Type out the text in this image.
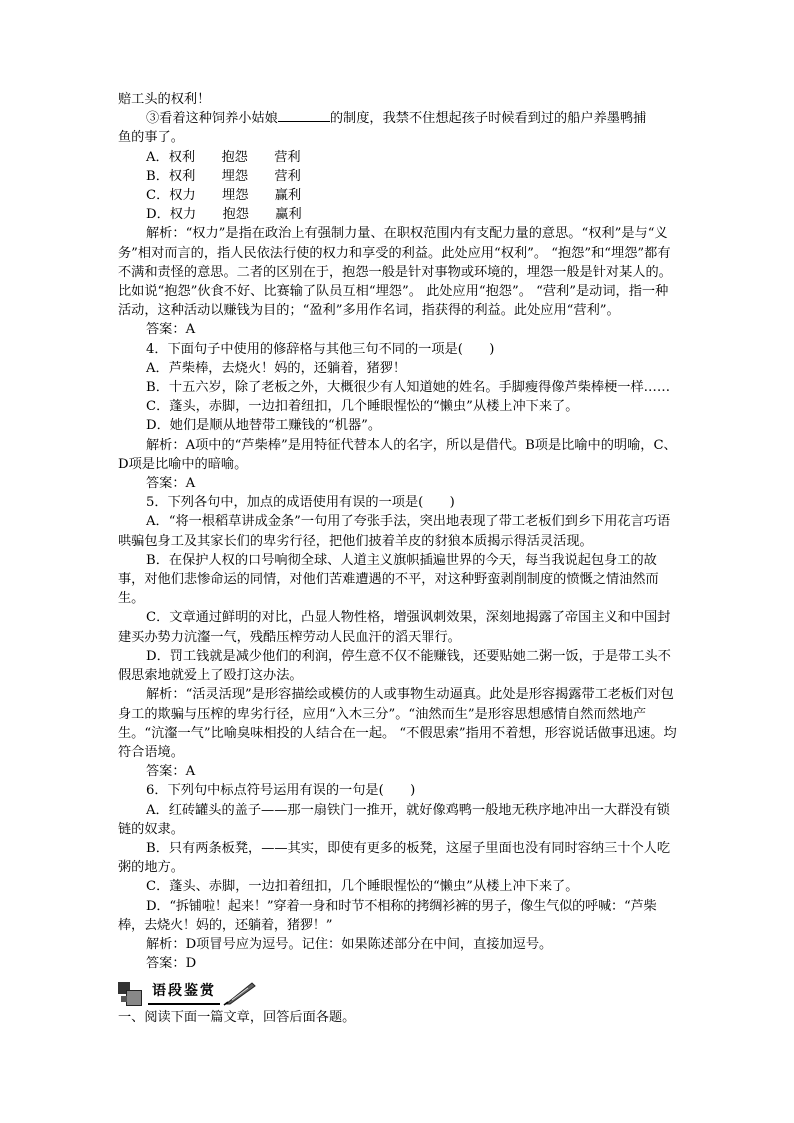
赔工头的权利！

③看着这种饲养小姑娘	的制度，我禁不住想起孩子时候看到过的船户养墨鸭捕

鱼的事了。

A．权利　　抱怨　　营利

B．权利　　埋怨　　营利

C．权力　　埋怨　　赢利

D．权力　　抱怨　　赢利

解析：“权力”是指在政治上有强制力量、在职权范围内有支配力量的意思。“权利”是与“义务”相对而言的，指人民依法行使的权力和享受的利益。此处应用“权利”。 “抱怨”和“埋怨”都有不满和责怪的意思。二者的区别在于，抱怨一般是针对事物或环境的，埋怨一般是针对某人的。比如说“抱怨”伙食不好、比赛输了队员互相“埋怨”。 此处应用“抱怨”。 “营利”是动词，指一种活动，这种活动以赚钱为目的；“盈利”多用作名词，指获得的利益。此处应用“营利”。

答案：A

4．下面句子中使用的修辞格与其他三句不同的一项是(　　)

A．芦柴棒，去烧火！妈的，还躺着，猪猡！

B．十五六岁，除了老板之外，大概很少有人知道她的姓名。手脚瘦得像芦柴棒梗一样……

C．蓬头，赤脚，一边扣着纽扣，几个睡眼惺忪的“懒虫”从楼上冲下来了。

D．她们是顺从地替带工赚钱的“机器”。

解析：A项中的“芦柴棒”是用特征代替本人的名字，所以是借代。B项是比喻中的明喻，C、D项是比喻中的暗喻。

答案：A

5．下列各句中，加点的成语使用有误的一项是(　　)

A．“将一根稻草讲成金条”一句用了夸张手法，突出地表现了带工老板们到乡下用花言巧语哄骗包身工及其家长们的卑劣行径，把他们披着羊皮的豺狼本质揭示得活灵活现。

B．在保护人权的口号响彻全球、人道主义旗帜插遍世界的今天，每当我说起包身工的故事，对他们悲惨命运的同情，对他们苦难遭遇的不平，对这种野蛮剥削制度的愤慨之情油然而生。

C．文章通过鲜明的对比，凸显人物性格，增强讽刺效果，深刻地揭露了帝国主义和中国封建买办势力沆瀣一气，残酷压榨劳动人民血汗的滔天罪行。

D．罚工钱就是减少他们的利润，停生意不仅不能赚钱，还要贴她二粥一饭，于是带工头不假思索地就爱上了殴打这办法。

解析：“活灵活现”是形容描绘或模仿的人或事物生动逼真。此处是形容揭露带工老板们对包身工的欺骗与压榨的卑劣行径，应用“入木三分”。“油然而生”是形容思想感情自然而然地产生。“沆瀣一气”比喻臭味相投的人结合在一起。 “不假思索”指用不着想，形容说话做事迅速。均符合语境。

答案：A

6．下列句中标点符号运用有误的一句是(　　)

A．红砖罐头的盖子——那一扇铁门一推开，就好像鸡鸭一般地无秩序地冲出一大群没有锁链的奴隶。

B．只有两条板凳，——其实，即使有更多的板凳，这屋子里面也没有同时容纳三十个人吃粥的地方。

C．蓬头、赤脚，一边扣着纽扣，几个睡眼惺忪的“懒虫”从楼上冲下来了。

D．“拆铺啦！起来！”穿着一身和时节不相称的拷绸衫裤的男子，像生气似的呼喊：“芦柴棒，去烧火！妈的，还躺着，猪猡！”

解析：D项冒号应为逗号。记住：如果陈述部分在中间，直接加逗号。

答案：D

语段鉴赏

一、阅读下面一篇文章，回答后面各题。
